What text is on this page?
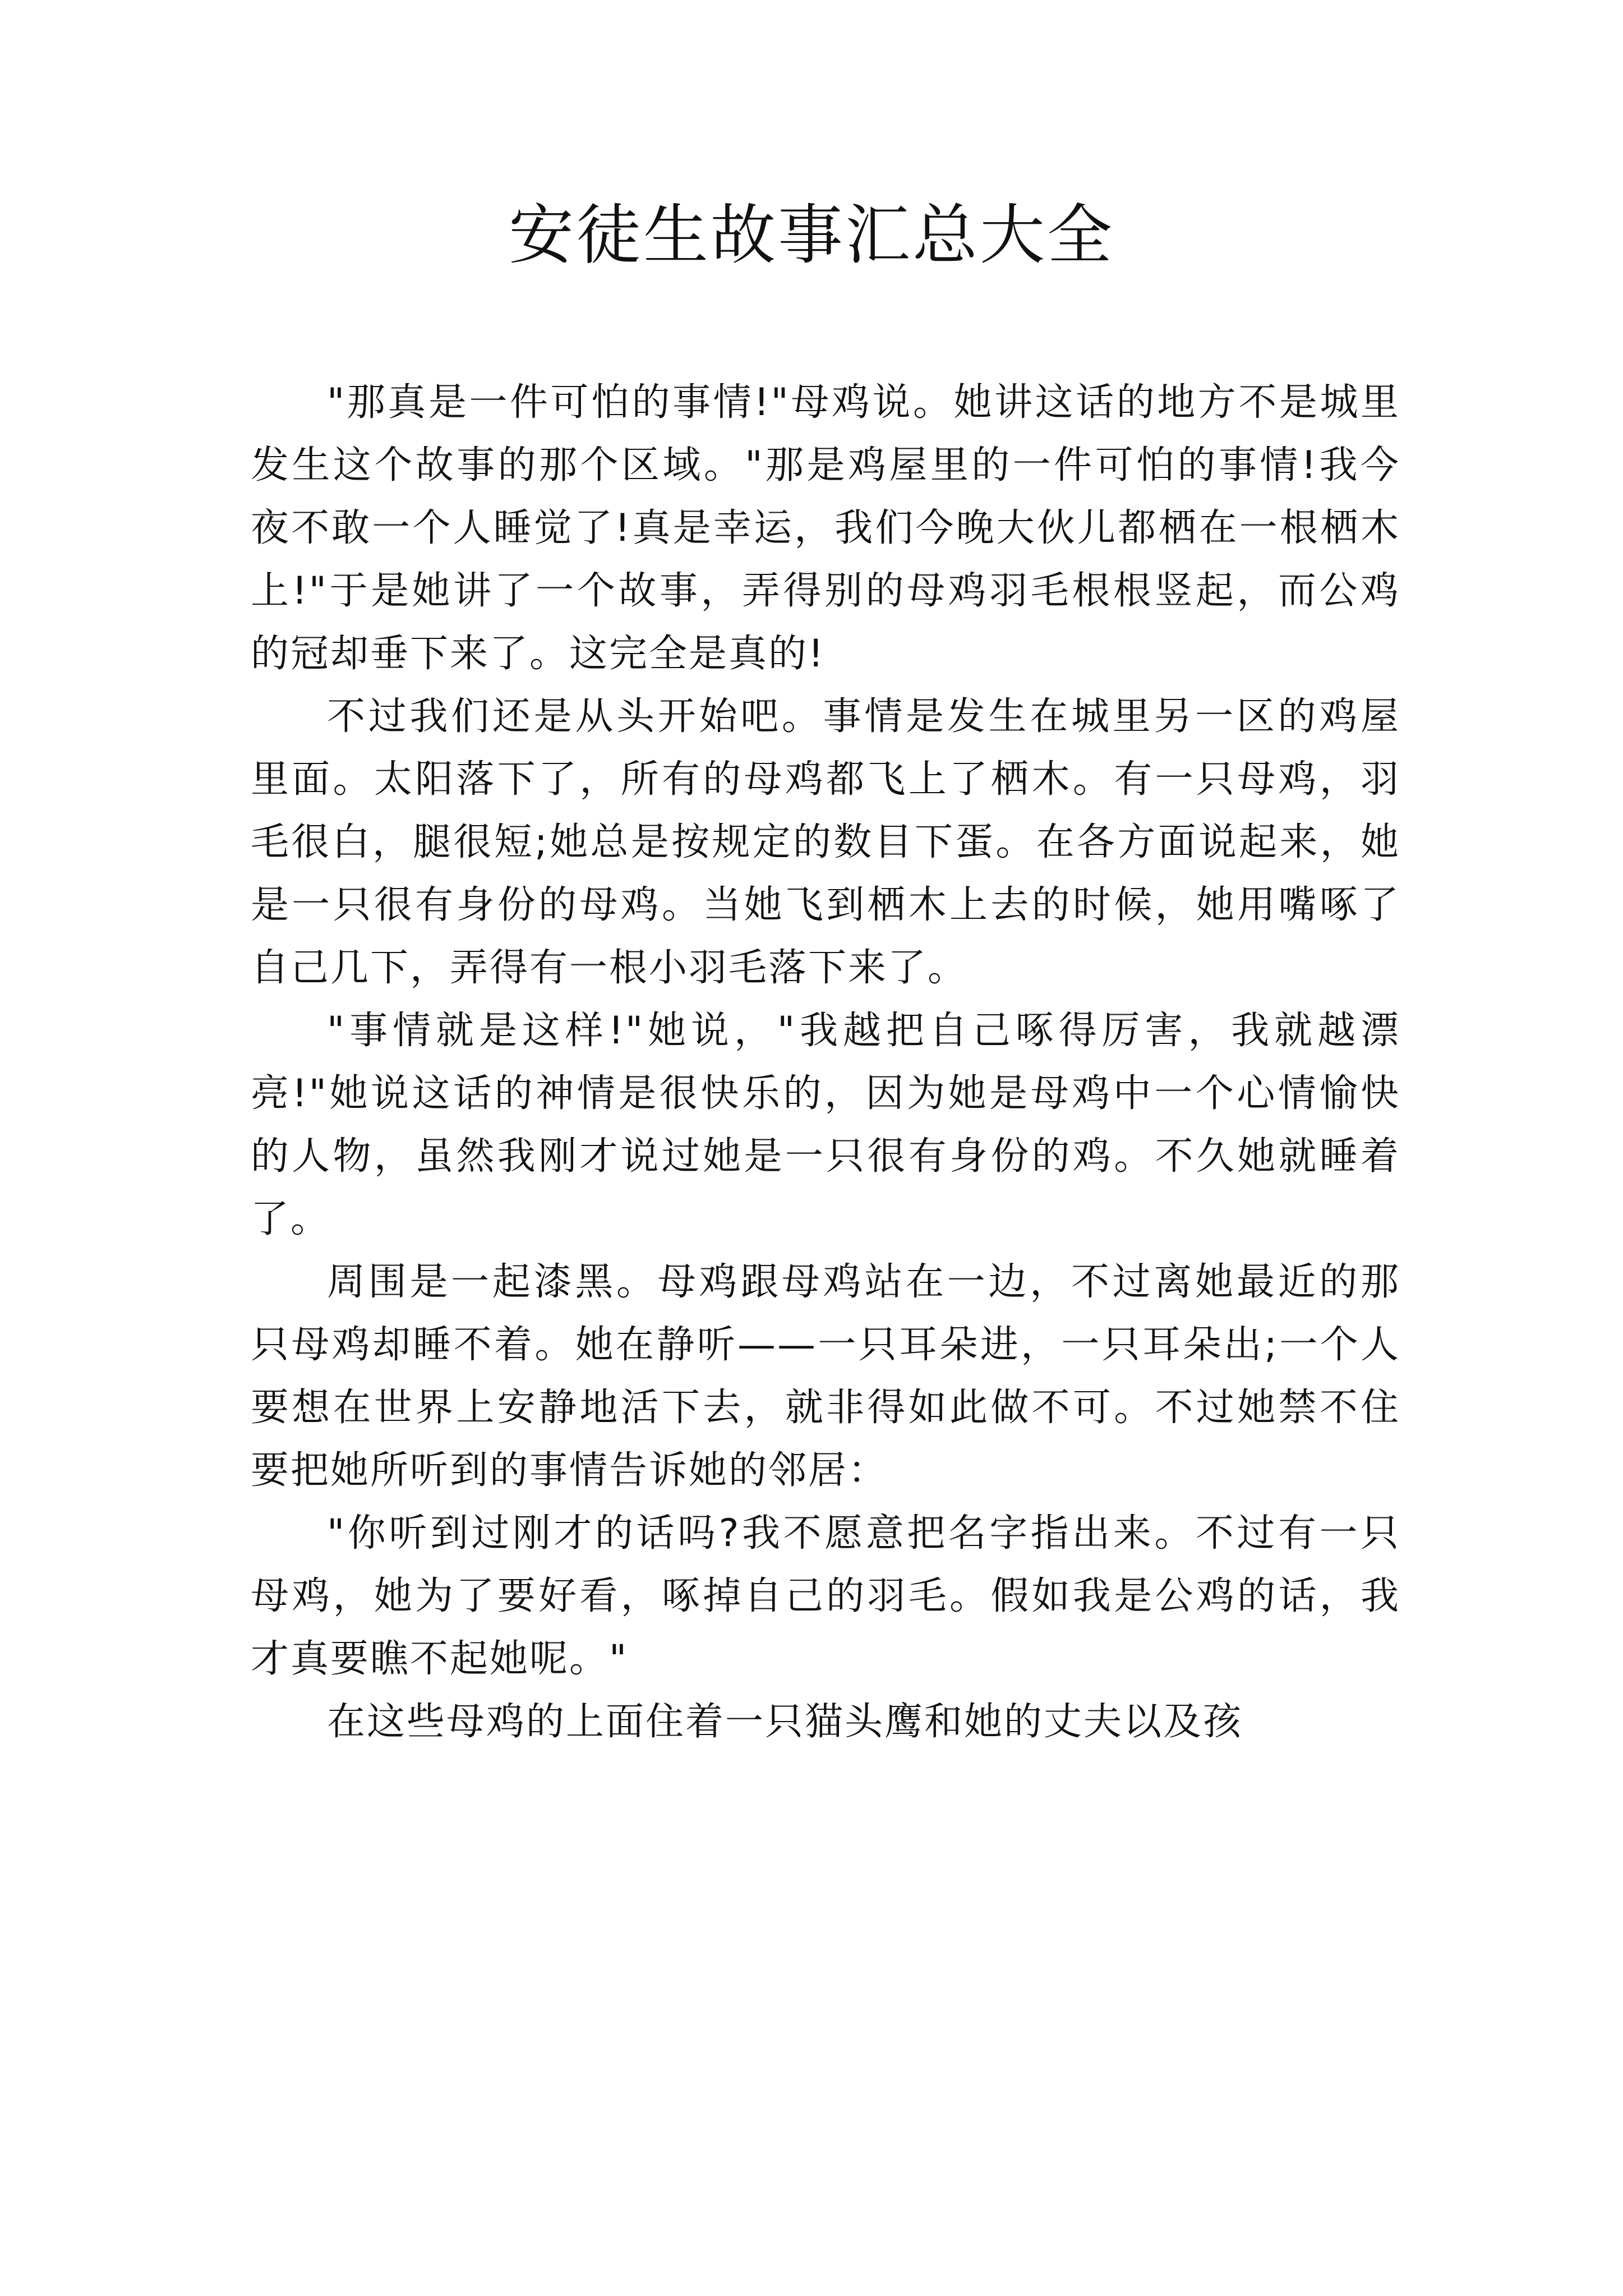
安徒生故事汇总大全

"那真是一件可怕的事情!"母鸡说。她讲这话的地方不是城里发生这个故事的那个区域。"那是鸡屋里的一件可怕的事情!我今夜不敢一个人睡觉了!真是幸运，我们今晚大伙儿都栖在一根栖木上!"于是她讲了一个故事，弄得别的母鸡羽毛根根竖起，而公鸡的冠却垂下来了。这完全是真的!

不过我们还是从头开始吧。事情是发生在城里另一区的鸡屋里面。太阳落下了，所有的母鸡都飞上了栖木。有一只母鸡，羽毛很白，腿很短;她总是按规定的数目下蛋。在各方面说起来，她是一只很有身份的母鸡。当她飞到栖木上去的时候，她用嘴啄了自己几下，弄得有一根小羽毛落下来了。

"事情就是这样!"她说，"我越把自己啄得厉害，我就越漂亮!"她说这话的神情是很快乐的，因为她是母鸡中一个心情愉快的人物，虽然我刚才说过她是一只很有身份的鸡。不久她就睡着了。

周围是一起漆黑。母鸡跟母鸡站在一边，不过离她最近的那只母鸡却睡不着。她在静听——一只耳朵进，一只耳朵出;一个人要想在世界上安静地活下去，就非得如此做不可。不过她禁不住要把她所听到的事情告诉她的邻居：

"你听到过刚才的话吗?我不愿意把名字指出来。不过有一只母鸡，她为了要好看，啄掉自己的羽毛。假如我是公鸡的话，我才真要瞧不起她呢。"

在这些母鸡的上面住着一只猫头鹰和她的丈夫以及孩
